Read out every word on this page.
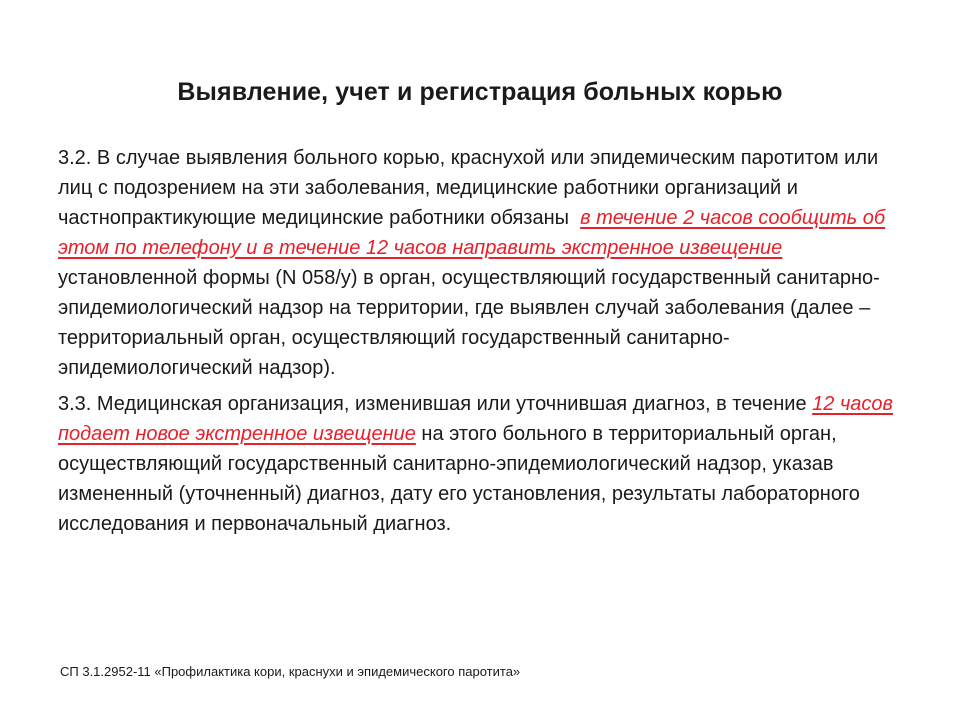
Выявление, учет и регистрация больных корью

3.2. В случае выявления больного корью, краснухой или эпидемическим паротитом или лиц с подозрением на эти заболевания, медицинские работники организаций и частнопрактикующие медицинские работники обязаны в течение 2 часов сообщить об этом по телефону и в течение 12 часов направить экстренное извещение установленной формы (N 058/у) в орган, осуществляющий государственный санитарно-эпидемиологический надзор на территории, где выявлен случай заболевания (далее – территориальный орган, осуществляющий государственный санитарно-эпидемиологический надзор).

3.3. Медицинская организация, изменившая или уточнившая диагноз, в течение 12 часов подает новое экстренное извещение на этого больного в территориальный орган, осуществляющий государственный санитарно-эпидемиологический надзор, указав измененный (уточненный) диагноз, дату его установления, результаты лабораторного исследования и первоначальный диагноз.

СП 3.1.2952-11 «Профилактика кори, краснухи и эпидемического паротита»
